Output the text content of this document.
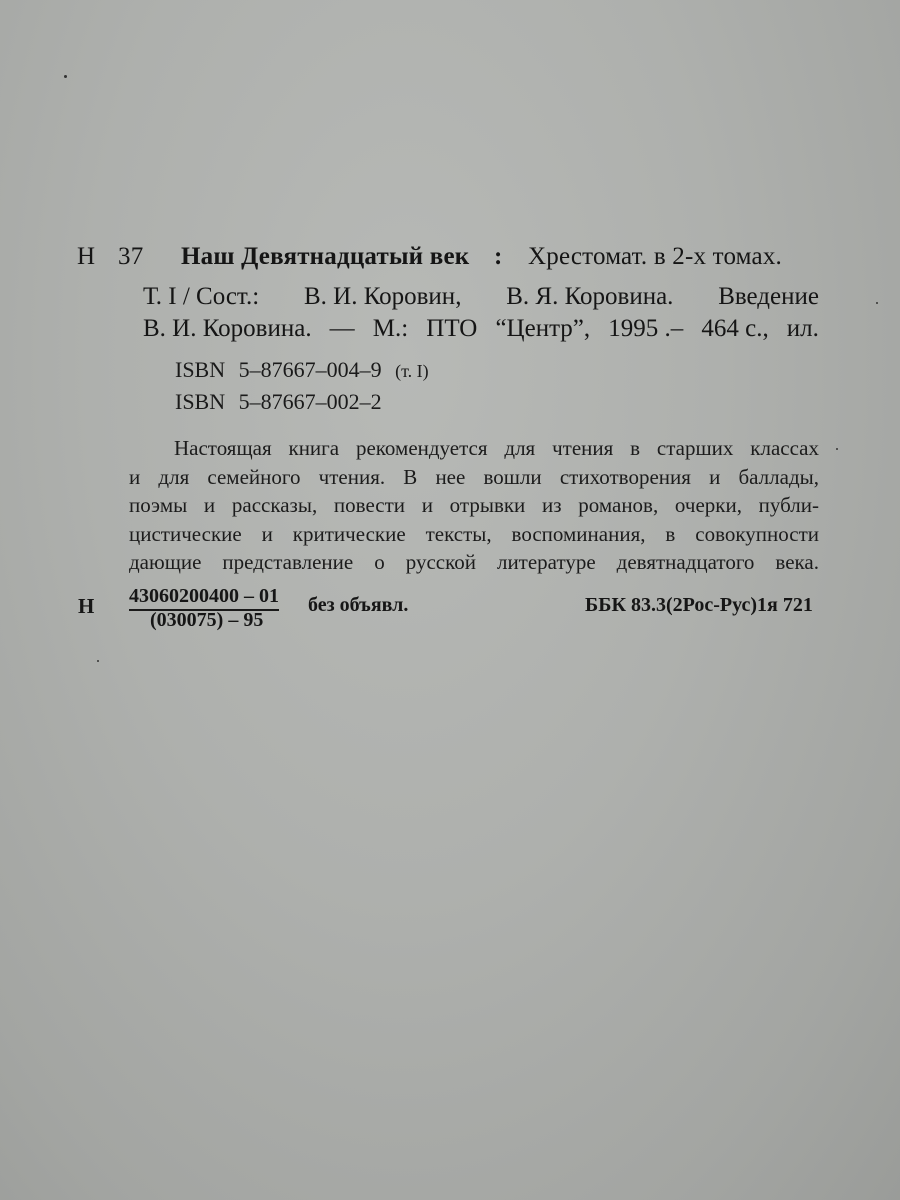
Н 37 Наш Девятнадцатый век : Хрестомат. в 2-х томах.
Т. I / Сост.: В. И. Коровин, В. Я. Коровина. Введение
В. И. Коровина. — М.: ПТО “Центр”, 1995 .– 464 с., ил.
ISBN 5–87667–004–9 (т. I)
ISBN 5–87667–002–2
Настоящая книга рекомендуется для чтения в старших классах
и для семейного чтения. В нее вошли стихотворения и баллады,
поэмы и рассказы, повести и отрывки из романов, очерки, публи-
цистические и критические тексты, воспоминания, в совокупности
дающие представление о русской литературе девятнадцатого века.
Н 43060200400 – 01
(030075) – 95
без объявл.	ББК 83.3(2Рос-Рус)1я 721
